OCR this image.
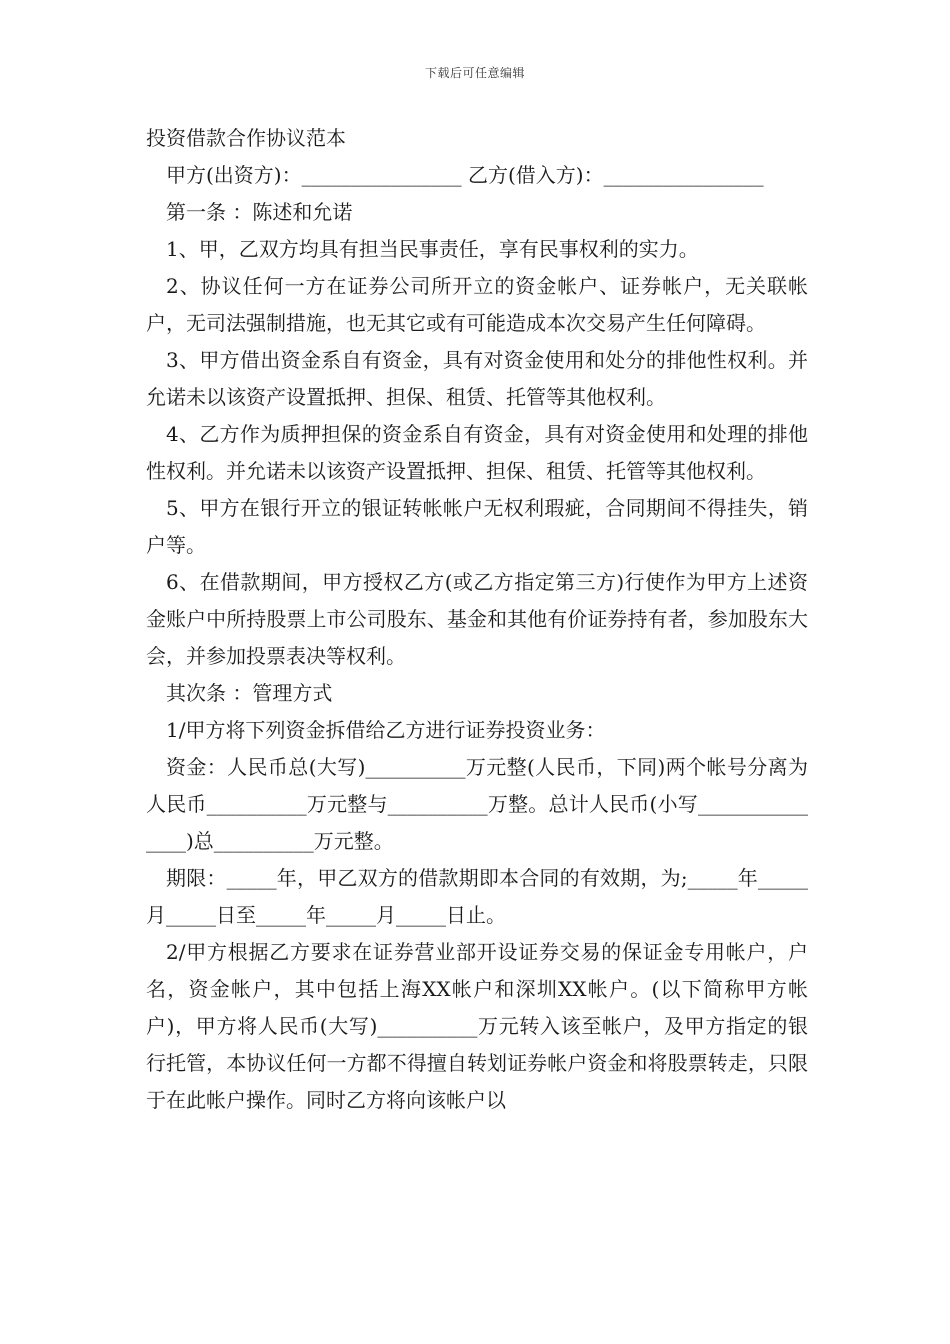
下载后可任意编辑
投资借款合作协议范本

甲方(出资方)：________________ 乙方(借入方)：________________

第一条 ：陈述和允诺

1、甲，乙双方均具有担当民事责任，享有民事权利的实力。

2、协议任何一方在证券公司所开立的资金帐户、证券帐户，无关联帐户，无司法强制措施，也无其它或有可能造成本次交易产生任何障碍。

3、甲方借出资金系自有资金，具有对资金使用和处分的排他性权利。并允诺未以该资产设置抵押、担保、租赁、托管等其他权利。

4、乙方作为质押担保的资金系自有资金，具有对资金使用和处理的排他性权利。并允诺未以该资产设置抵押、担保、租赁、托管等其他权利。

5、甲方在银行开立的银证转帐帐户无权利瑕疵，合同期间不得挂失，销户等。

6、在借款期间，甲方授权乙方(或乙方指定第三方)行使作为甲方上述资金账户中所持股票上市公司股东、基金和其他有价证券持有者，参加股东大会，并参加投票表决等权利。

其次条 ：管理方式

1/甲方将下列资金拆借给乙方进行证券投资业务：

资金：人民币总(大写)__________万元整(人民币，下同)两个帐号分离为人民币__________万元整与__________万整。总计人民币(小写_______________)总__________万元整。

期限：_____年，甲乙双方的借款期即本合同的有效期，为;_____年_____月_____日至_____年_____月_____日止。

2/甲方根据乙方要求在证券营业部开设证券交易的保证金专用帐户，户名，资金帐户，其中包括上海XX帐户和深圳XX帐户。(以下简称甲方帐户)，甲方将人民币(大写)__________万元转入该至帐户，及甲方指定的银行托管，本协议任何一方都不得擅自转划证券帐户资金和将股票转走，只限于在此帐户操作。同时乙方将向该帐户以
